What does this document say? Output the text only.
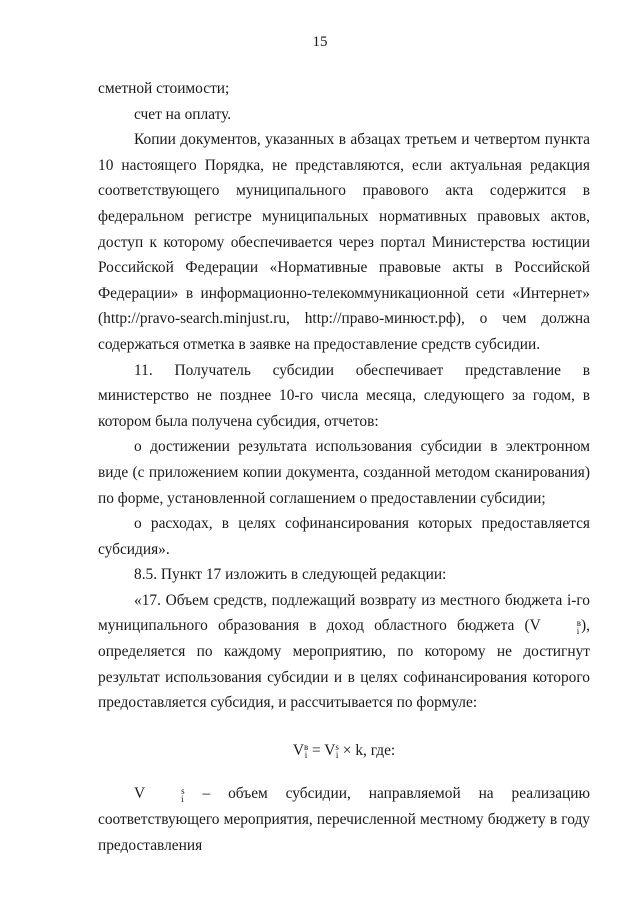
15

сметной стоимости;

счет на оплату.

Копии документов, указанных в абзацах третьем и четвертом пункта 10 настоящего Порядка, не представляются, если актуальная редакция соответствующего муниципального правового акта содержится в федеральном регистре муниципальных нормативных правовых актов, доступ к которому обеспечивается через портал Министерства юстиции Российской Федерации «Нормативные правовые акты в Российской Федерации» в информационно-телекоммуникационной сети «Интернет» (http://pravo-search.minjust.ru, http://право-минюст.рф), о чем должна содержаться отметка в заявке на предоставление средств субсидии.

11. Получатель субсидии обеспечивает представление в министерство не позднее 10-го числа месяца, следующего за годом, в котором была получена субсидия, отчетов:

о достижении результата использования субсидии в электронном виде (с приложением копии документа, созданной методом сканирования) по форме, установленной соглашением о предоставлении субсидии;

о расходах, в целях софинансирования которых предоставляется субсидия».

8.5. Пункт 17 изложить в следующей редакции:

«17. Объем средств, подлежащий возврату из местного бюджета i-го муниципального образования в доход областного бюджета (V	в
i ), определяется по каждому мероприятию, по которому не достигнут результат использования субсидии и в целях софинансирования которого предоставляется субсидия, и рассчитывается по формуле:

V в
i = V s
i × k, где:

V	s
i – объем субсидии, направляемой на реализацию соответствующего мероприятия, перечисленной местному бюджету в году предоставления
